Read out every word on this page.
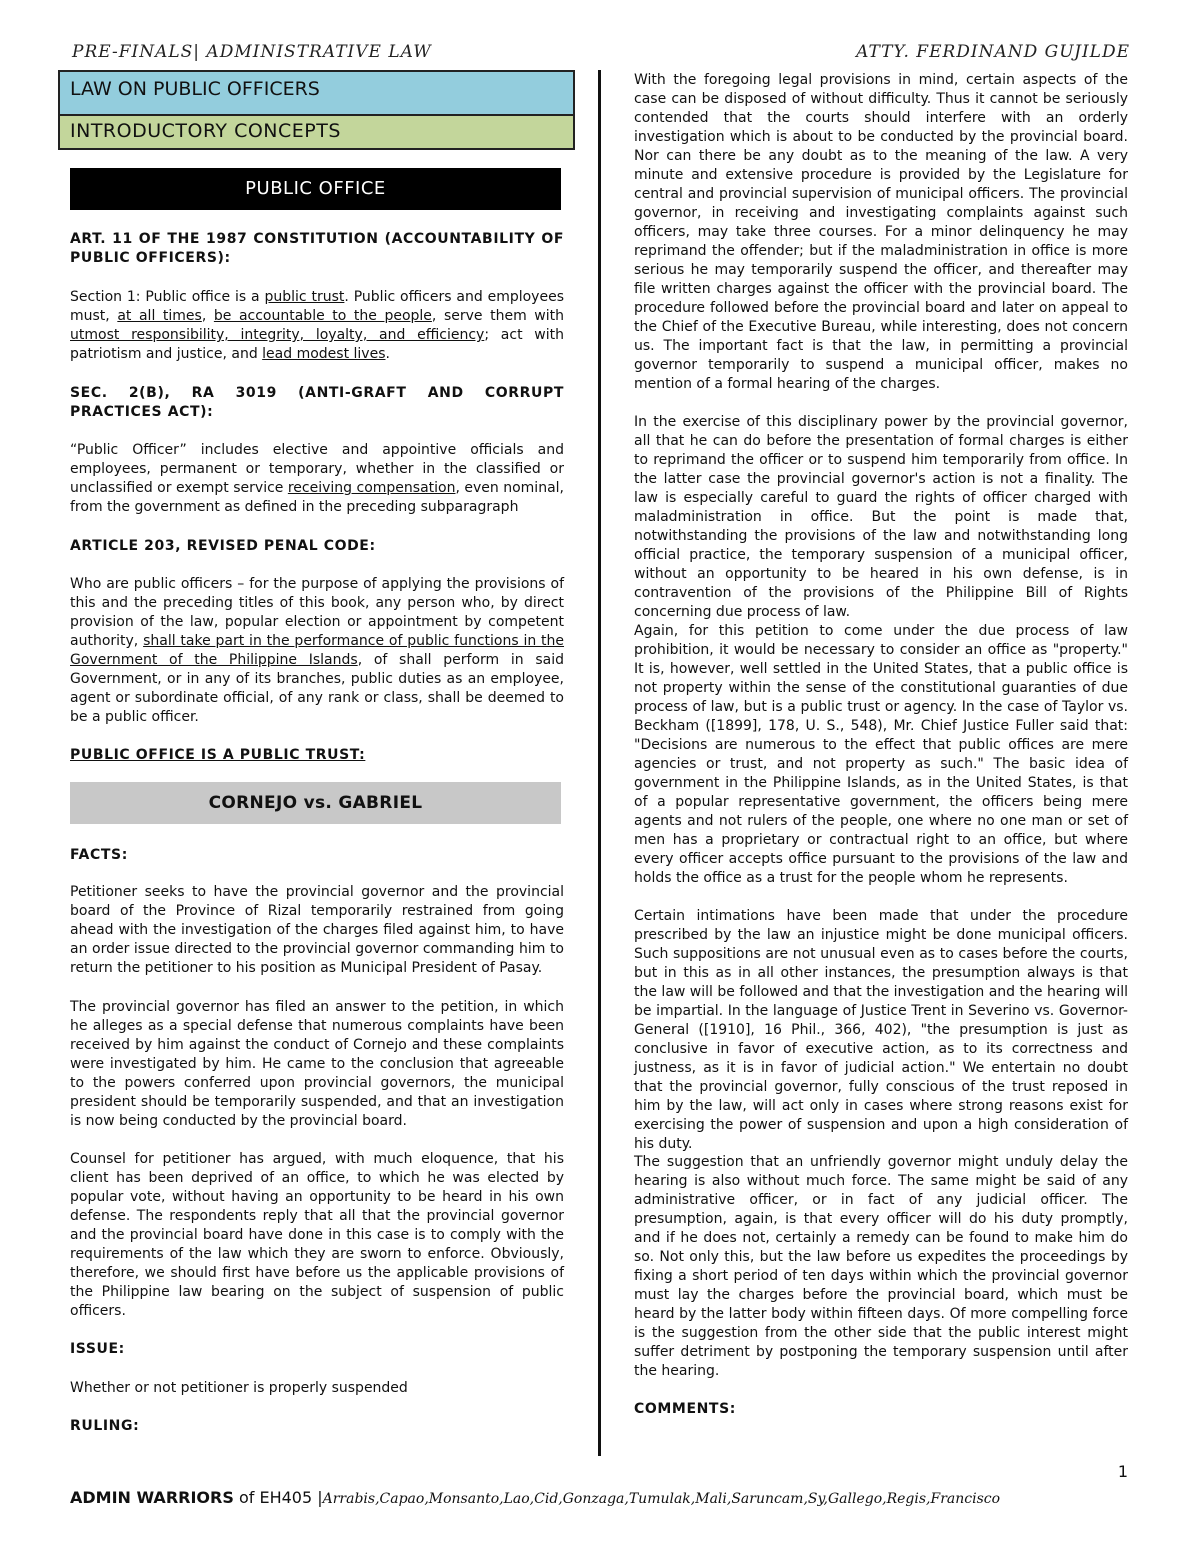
PRE-FINALS| ADMINISTRATIVE LAW	ATTY. FERDINAND GUJILDE
LAW ON PUBLIC OFFICERS
INTRODUCTORY CONCEPTS
PUBLIC OFFICE
ART. 11 OF THE 1987 CONSTITUTION (ACCOUNTABILITY OF PUBLIC OFFICERS):
Section 1: Public office is a public trust. Public officers and employees must, at all times, be accountable to the people, serve them with utmost responsibility, integrity, loyalty, and efficiency; act with patriotism and justice, and lead modest lives.
SEC. 2(B), RA 3019 (ANTI-GRAFT AND CORRUPT PRACTICES ACT):
“Public Officer” includes elective and appointive officials and employees, permanent or temporary, whether in the classified or unclassified or exempt service receiving compensation, even nominal, from the government as defined in the preceding subparagraph
ARTICLE 203, REVISED PENAL CODE:
Who are public officers – for the purpose of applying the provisions of this and the preceding titles of this book, any person who, by direct provision of the law, popular election or appointment by competent authority, shall take part in the performance of public functions in the Government of the Philippine Islands, of shall perform in said Government, or in any of its branches, public duties as an employee, agent or subordinate official, of any rank or class, shall be deemed to be a public officer.
PUBLIC OFFICE IS A PUBLIC TRUST:
CORNEJO vs. GABRIEL
FACTS:
Petitioner seeks to have the provincial governor and the provincial board of the Province of Rizal temporarily restrained from going ahead with the investigation of the charges filed against him, to have an order issue directed to the provincial governor commanding him to return the petitioner to his position as Municipal President of Pasay.
The provincial governor has filed an answer to the petition, in which he alleges as a special defense that numerous complaints have been received by him against the conduct of Cornejo and these complaints were investigated by him. He came to the conclusion that agreeable to the powers conferred upon provincial governors, the municipal president should be temporarily suspended, and that an investigation is now being conducted by the provincial board.
Counsel for petitioner has argued, with much eloquence, that his client has been deprived of an office, to which he was elected by popular vote, without having an opportunity to be heard in his own defense. The respondents reply that all that the provincial governor and the provincial board have done in this case is to comply with the requirements of the law which they are sworn to enforce. Obviously, therefore, we should first have before us the applicable provisions of the Philippine law bearing on the subject of suspension of public officers.
ISSUE:
Whether or not petitioner is properly suspended
RULING:
With the foregoing legal provisions in mind, certain aspects of the case can be disposed of without difficulty. Thus it cannot be seriously contended that the courts should interfere with an orderly investigation which is about to be conducted by the provincial board. Nor can there be any doubt as to the meaning of the law. A very minute and extensive procedure is provided by the Legislature for central and provincial supervision of municipal officers. The provincial governor, in receiving and investigating complaints against such officers, may take three courses. For a minor delinquency he may reprimand the offender; but if the maladministration in office is more serious he may temporarily suspend the officer, and thereafter may file written charges against the officer with the provincial board. The procedure followed before the provincial board and later on appeal to the Chief of the Executive Bureau, while interesting, does not concern us. The important fact is that the law, in permitting a provincial governor temporarily to suspend a municipal officer, makes no mention of a formal hearing of the charges.
In the exercise of this disciplinary power by the provincial governor, all that he can do before the presentation of formal charges is either to reprimand the officer or to suspend him temporarily from office. In the latter case the provincial governor's action is not a finality. The law is especially careful to guard the rights of officer charged with maladministration in office. But the point is made that, notwithstanding the provisions of the law and notwithstanding long official practice, the temporary suspension of a municipal officer, without an opportunity to be heared in his own defense, is in contravention of the provisions of the Philippine Bill of Rights concerning due process of law.
Again, for this petition to come under the due process of law prohibition, it would be necessary to consider an office as "property." It is, however, well settled in the United States, that a public office is not property within the sense of the constitutional guaranties of due process of law, but is a public trust or agency. In the case of Taylor vs. Beckham ([1899], 178, U. S., 548), Mr. Chief Justice Fuller said that: "Decisions are numerous to the effect that public offices are mere agencies or trust, and not property as such." The basic idea of government in the Philippine Islands, as in the United States, is that of a popular representative government, the officers being mere agents and not rulers of the people, one where no one man or set of men has a proprietary or contractual right to an office, but where every officer accepts office pursuant to the provisions of the law and holds the office as a trust for the people whom he represents.
Certain intimations have been made that under the procedure prescribed by the law an injustice might be done municipal officers. Such suppositions are not unusual even as to cases before the courts, but in this as in all other instances, the presumption always is that the law will be followed and that the investigation and the hearing will be impartial. In the language of Justice Trent in Severino vs. Governor-General ([1910], 16 Phil., 366, 402), "the presumption is just as conclusive in favor of executive action, as to its correctness and justness, as it is in favor of judicial action." We entertain no doubt that the provincial governor, fully conscious of the trust reposed in him by the law, will act only in cases where strong reasons exist for exercising the power of suspension and upon a high consideration of his duty.
The suggestion that an unfriendly governor might unduly delay the hearing is also without much force. The same might be said of any administrative officer, or in fact of any judicial officer. The presumption, again, is that every officer will do his duty promptly, and if he does not, certainly a remedy can be found to make him do so. Not only this, but the law before us expedites the proceedings by fixing a short period of ten days within which the provincial governor must lay the charges before the provincial board, which must be heard by the latter body within fifteen days. Of more compelling force is the suggestion from the other side that the public interest might suffer detriment by postponing the temporary suspension until after the hearing.
COMMENTS:
1
ADMIN WARRIORS of EH405 |Arrabis,Capao,Monsanto,Lao,Cid,Gonzaga,Tumulak,Mali,Saruncam,Sy,Gallego,Regis,Francisco
